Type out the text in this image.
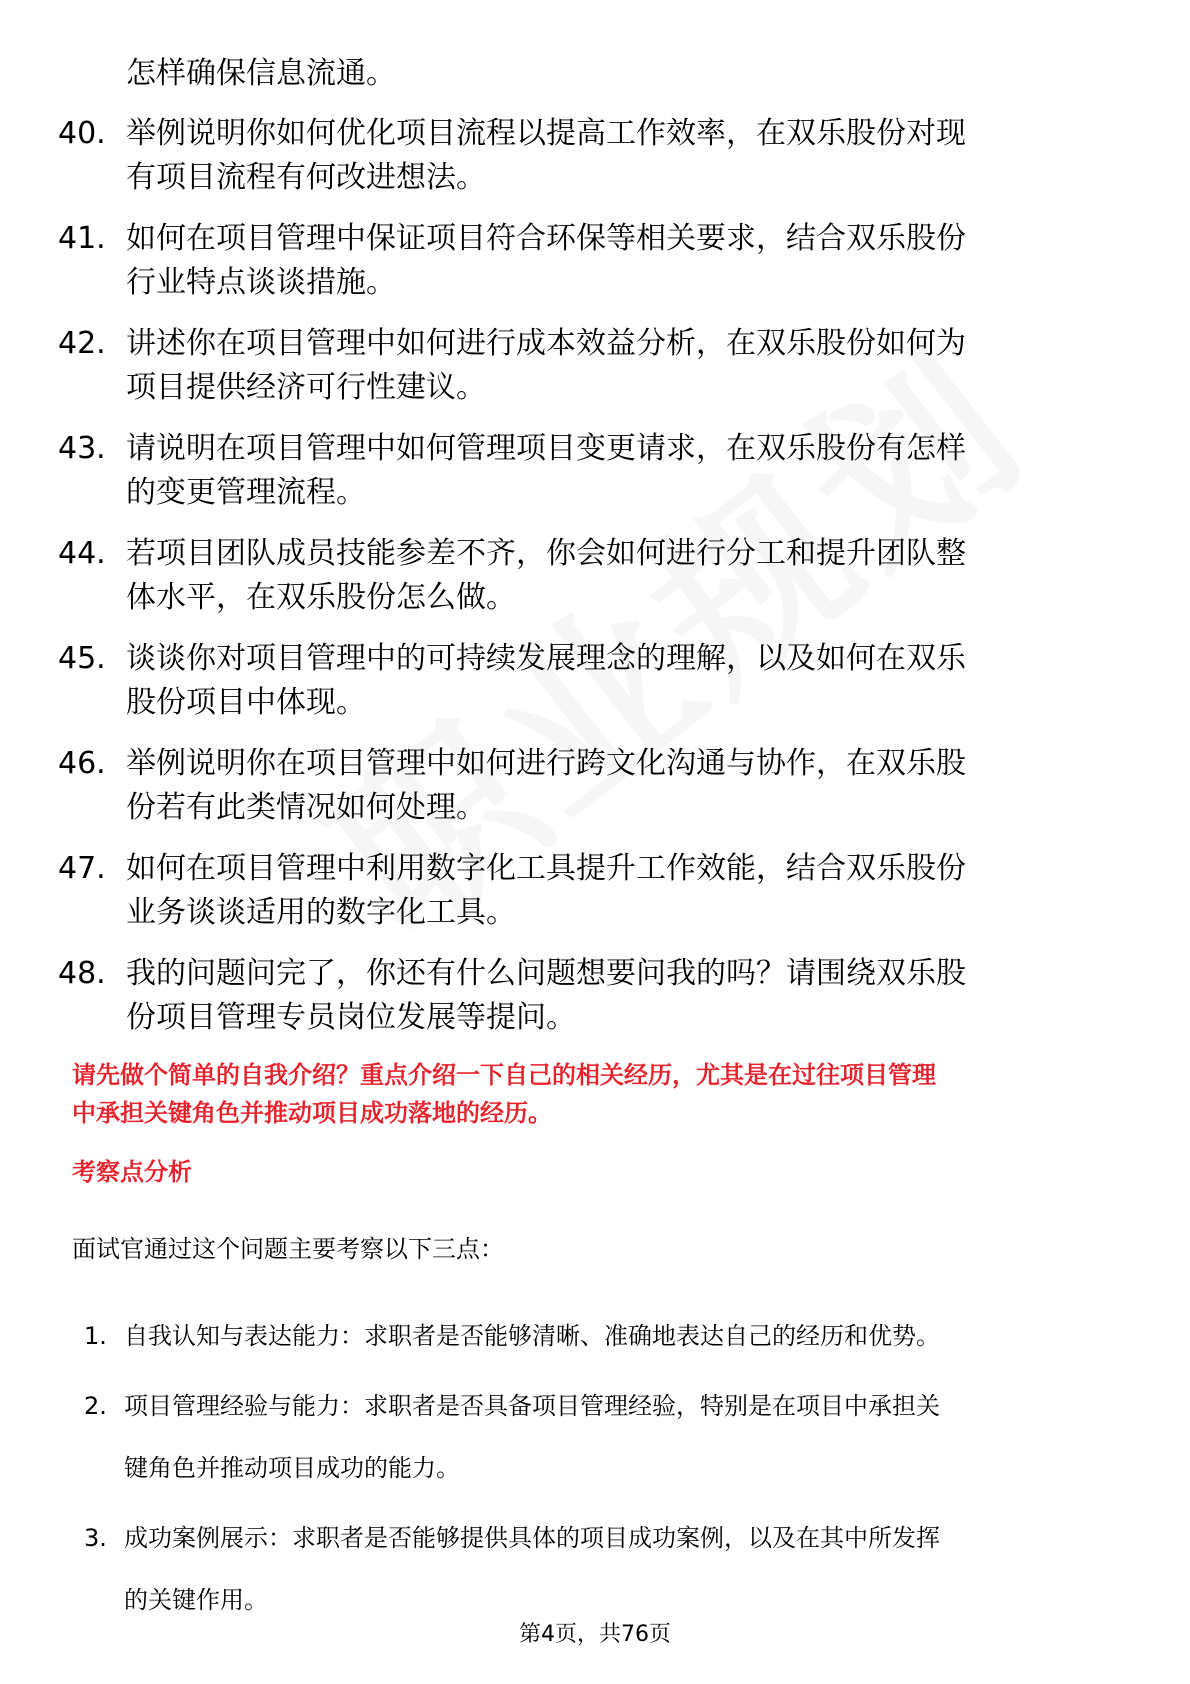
怎样确保信息流通。

40. 举例说明你如何优化项目流程以提高工作效率，在双乐股份对现
有项目流程有何改进想法。
41. 如何在项目管理中保证项目符合环保等相关要求，结合双乐股份
行业特点谈谈措施。
42. 讲述你在项目管理中如何进行成本效益分析，在双乐股份如何为
项目提供经济可行性建议。
43. 请说明在项目管理中如何管理项目变更请求，在双乐股份有怎样
的变更管理流程。
44. 若项目团队成员技能参差不齐，你会如何进行分工和提升团队整
体水平，在双乐股份怎么做。
45. 谈谈你对项目管理中的可持续发展理念的理解，以及如何在双乐
股份项目中体现。
46. 举例说明你在项目管理中如何进行跨文化沟通与协作，在双乐股
份若有此类情况如何处理。
47. 如何在项目管理中利用数字化工具提升工作效能，结合双乐股份
业务谈谈适用的数字化工具。
48. 我的问题问完了，你还有什么问题想要问我的吗？请围绕双乐股
份项目管理专员岗位发展等提问。

请先做个简单的自我介绍？重点介绍一下自己的相关经历，尤其是在过往项目管理
中承担关键角色并推动项目成功落地的经历。

考察点分析

面试官通过这个问题主要考察以下三点：

1. 自我认知与表达能力：求职者是否能够清晰、准确地表达自己的经历和优势。
2. 项目管理经验与能力：求职者是否具备项目管理经验，特别是在项目中承担关
键角色并推动项目成功的能力。
3. 成功案例展示：求职者是否能够提供具体的项目成功案例，以及在其中所发挥
的关键作用。

第4页，共76页
